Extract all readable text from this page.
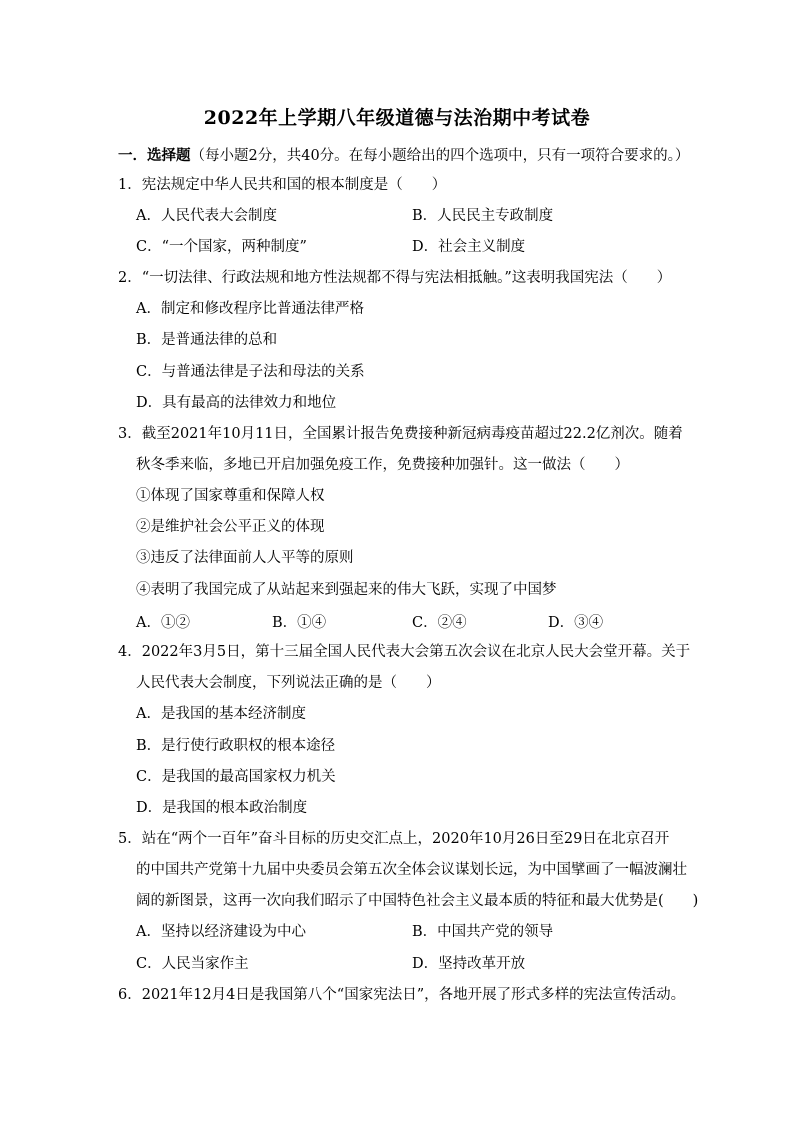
2022年上学期八年级道德与法治期中考试卷
一．选择题（每小题2分，共40分。在每小题给出的四个选项中，只有一项符合要求的。）
1．宪法规定中华人民共和国的根本制度是（　　）
A．人民代表大会制度	B．人民民主专政制度
C．“一个国家，两种制度”	D．社会主义制度
2．“一切法律、行政法规和地方性法规都不得与宪法相抵触。”这表明我国宪法（　　）
A．制定和修改程序比普通法律严格
B．是普通法律的总和
C．与普通法律是子法和母法的关系
D．具有最高的法律效力和地位
3．截至2021年10月11日，全国累计报告免费接种新冠病毒疫苗超过22.2亿剂次。随着
秋冬季来临，多地已开启加强免疫工作，免费接种加强针。这一做法（　　）
①体现了国家尊重和保障人权
②是维护社会公平正义的体现
③违反了法律面前人人平等的原则
④表明了我国完成了从站起来到强起来的伟大飞跃，实现了中国梦
A．①②	B．①④	C．②④	D．③④
4．2022年3月5日，第十三届全国人民代表大会第五次会议在北京人民大会堂开幕。关于
人民代表大会制度，下列说法正确的是（　　）
A．是我国的基本经济制度
B．是行使行政职权的根本途径
C．是我国的最高国家权力机关
D．是我国的根本政治制度
5．站在“两个一百年”奋斗目标的历史交汇点上，2020年10月26日至29日在北京召开
的中国共产党第十九届中央委员会第五次全体会议谋划长远，为中国擘画了一幅波澜壮
阔的新图景，这再一次向我们昭示了中国特色社会主义最本质的特征和最大优势是(　　)
A．坚持以经济建设为中心	B．中国共产党的领导
C．人民当家作主	D．坚持改革开放
6．2021年12月4日是我国第八个“国家宪法日”，各地开展了形式多样的宪法宣传活动。
